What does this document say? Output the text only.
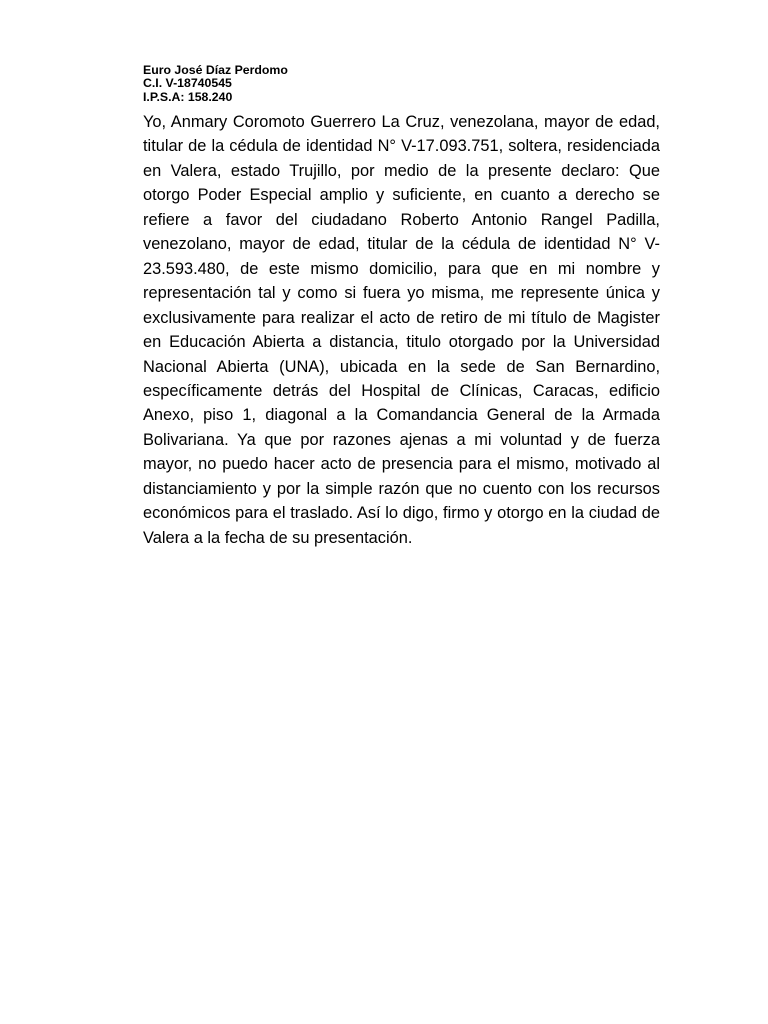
Euro José Díaz Perdomo
C.I. V-18740545
I.P.S.A: 158.240

Yo, Anmary Coromoto Guerrero La Cruz, venezolana, mayor de edad, titular de la cédula de identidad N° V-17.093.751, soltera, residenciada en Valera, estado Trujillo, por medio de la presente declaro: Que otorgo Poder Especial amplio y suficiente, en cuanto a derecho se refiere a favor del ciudadano Roberto Antonio Rangel Padilla, venezolano, mayor de edad, titular de la cédula de identidad N° V-23.593.480, de este mismo domicilio, para que en mi nombre y representación tal y como si fuera yo misma, me represente única y exclusivamente para realizar el acto de retiro de mi título de Magister en Educación Abierta a distancia, titulo otorgado por la Universidad Nacional Abierta (UNA), ubicada en la sede de San Bernardino, específicamente detrás del Hospital de Clínicas, Caracas, edificio Anexo, piso 1, diagonal a la Comandancia General de la Armada Bolivariana. Ya que por razones ajenas a mi voluntad y de fuerza mayor, no puedo hacer acto de presencia para el mismo, motivado al distanciamiento y por la simple razón que no cuento con los recursos económicos para el traslado. Así lo digo, firmo y otorgo en la ciudad de Valera a la fecha de su presentación.
